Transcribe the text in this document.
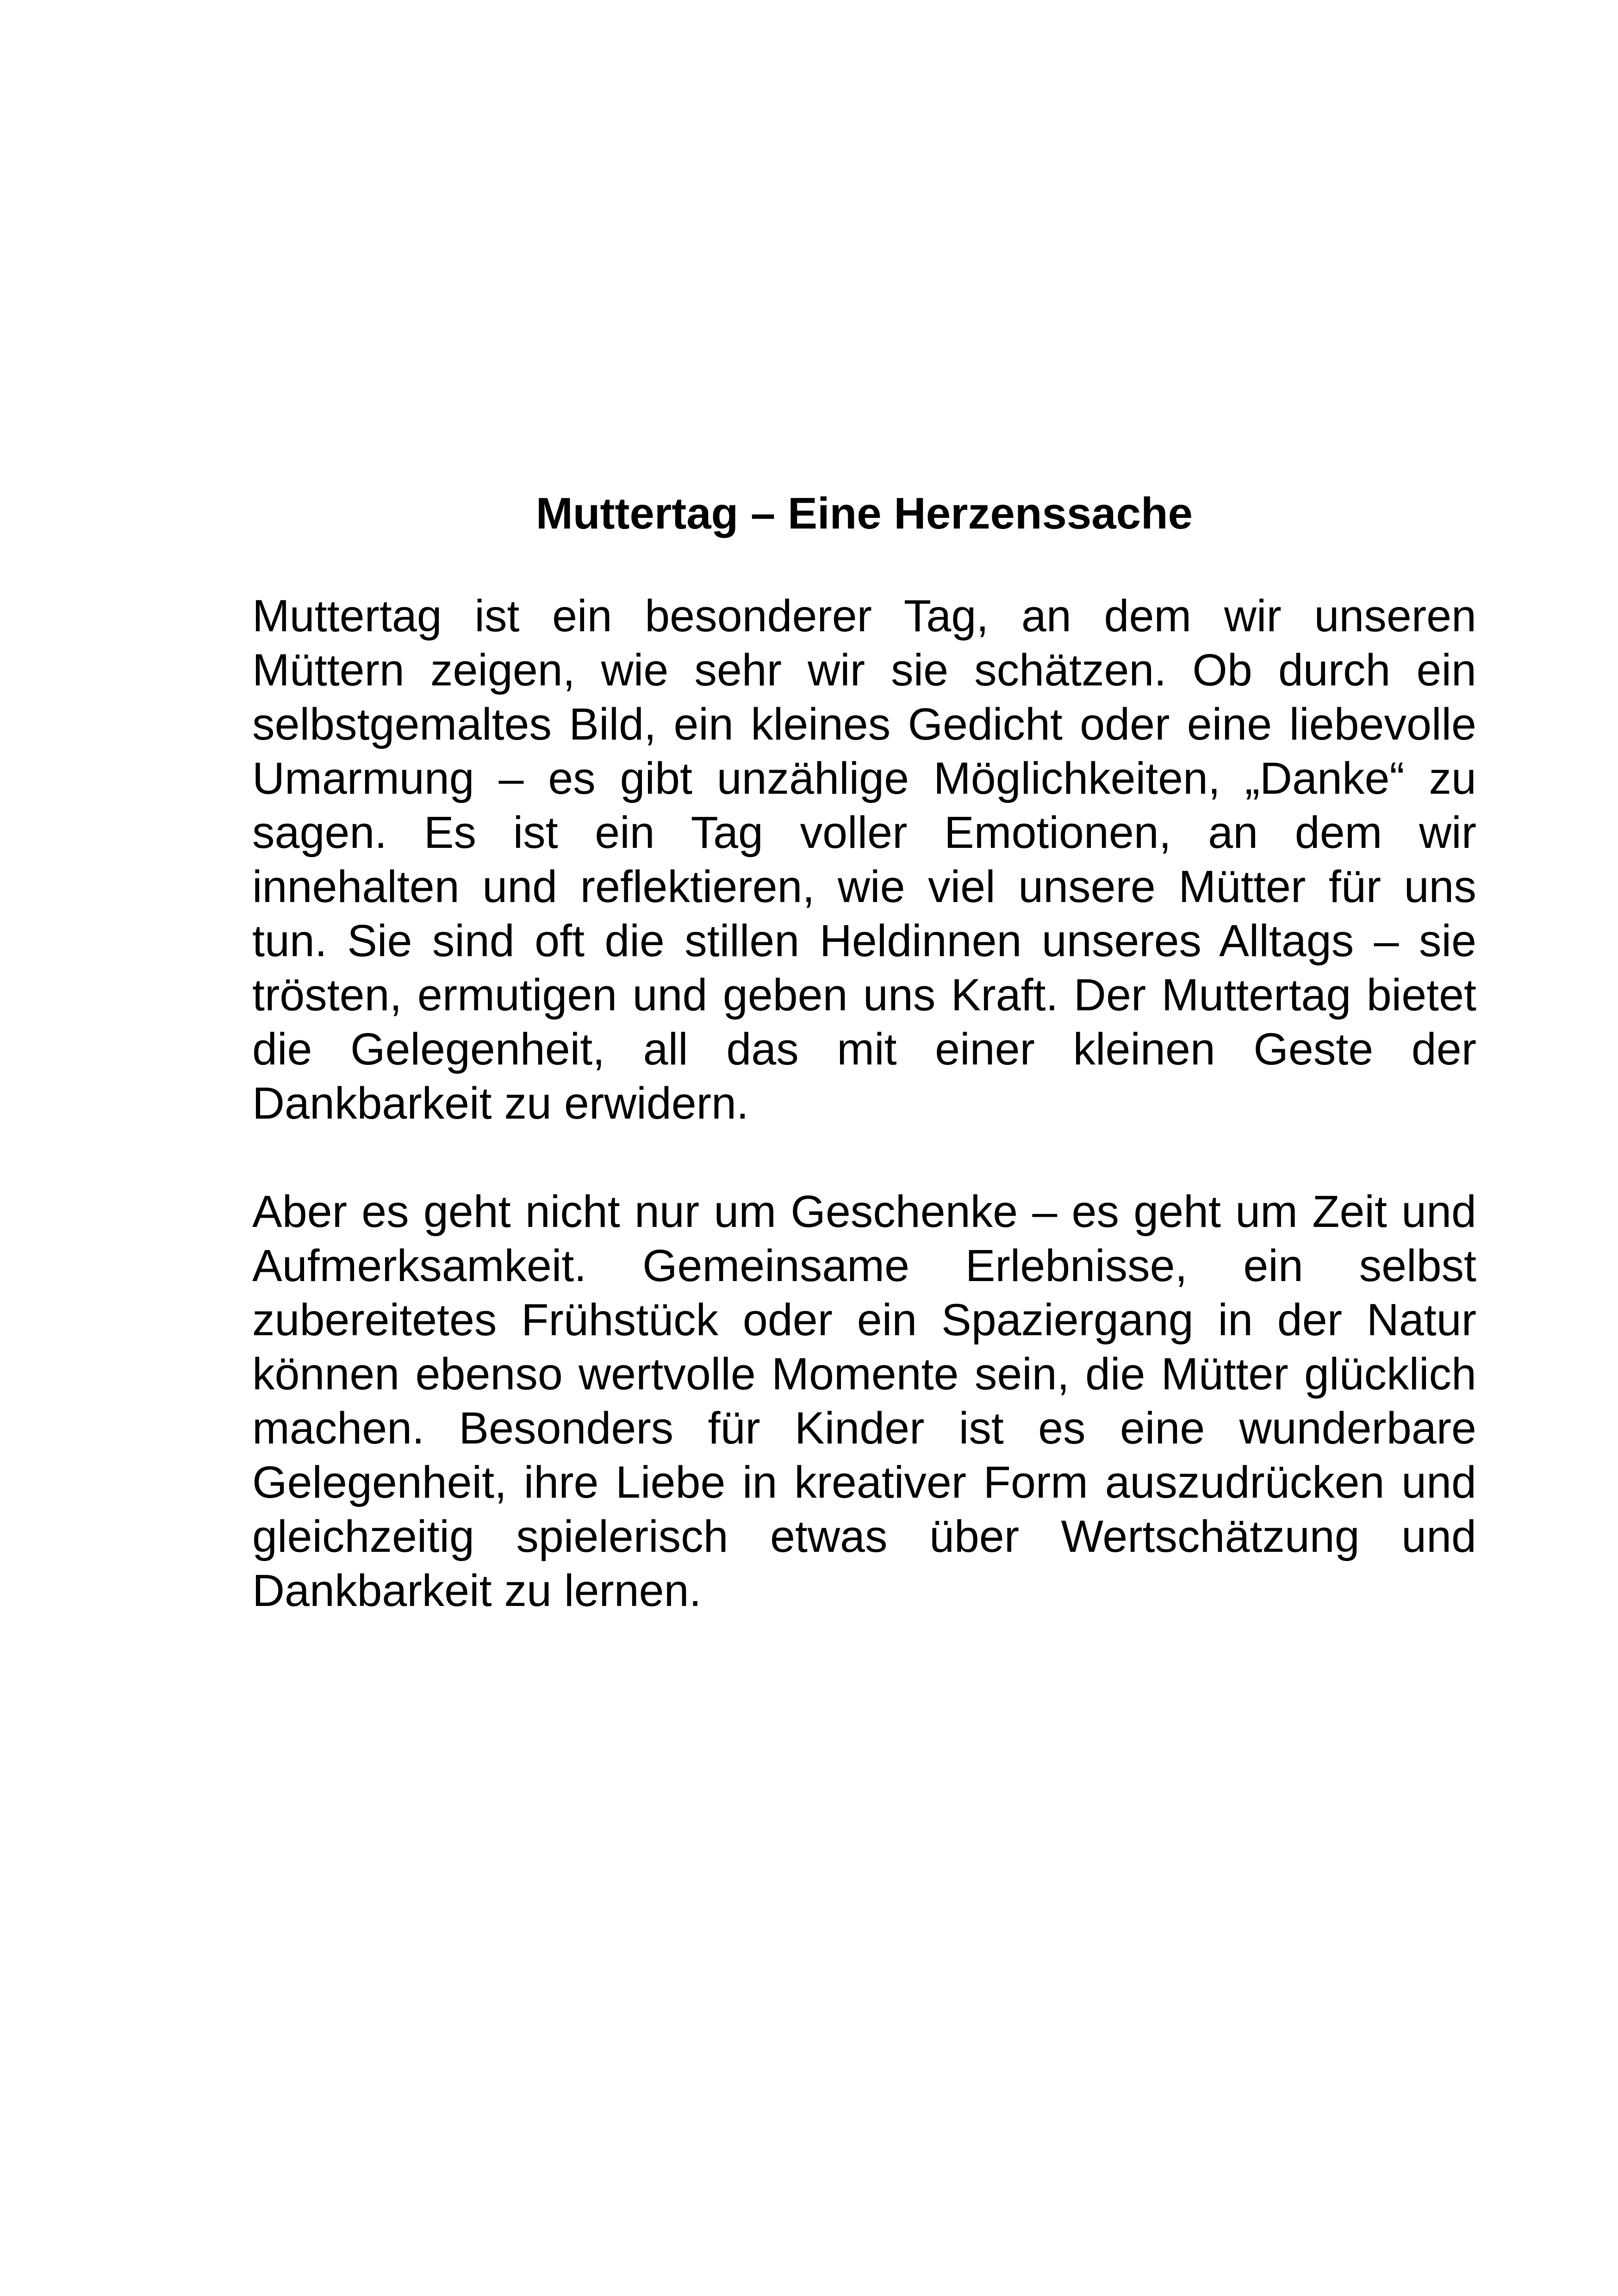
Muttertag – Eine Herzenssache

Muttertag ist ein besonderer Tag, an dem wir unseren Müttern zeigen, wie sehr wir sie schätzen. Ob durch ein selbstgemaltes Bild, ein kleines Gedicht oder eine liebevolle Umarmung – es gibt unzählige Möglichkeiten, „Danke“ zu sagen. Es ist ein Tag voller Emotionen, an dem wir innehalten und reflektieren, wie viel unsere Mütter für uns tun. Sie sind oft die stillen Heldinnen unseres Alltags – sie trösten, ermutigen und geben uns Kraft. Der Muttertag bietet die Gelegenheit, all das mit einer kleinen Geste der Dankbarkeit zu erwidern.

Aber es geht nicht nur um Geschenke – es geht um Zeit und Aufmerksamkeit. Gemeinsame Erlebnisse, ein selbst zubereitetes Frühstück oder ein Spaziergang in der Natur können ebenso wertvolle Momente sein, die Mütter glücklich machen. Besonders für Kinder ist es eine wunderbare Gelegenheit, ihre Liebe in kreativer Form auszudrücken und gleichzeitig spielerisch etwas über Wertschätzung und Dankbarkeit zu lernen.
